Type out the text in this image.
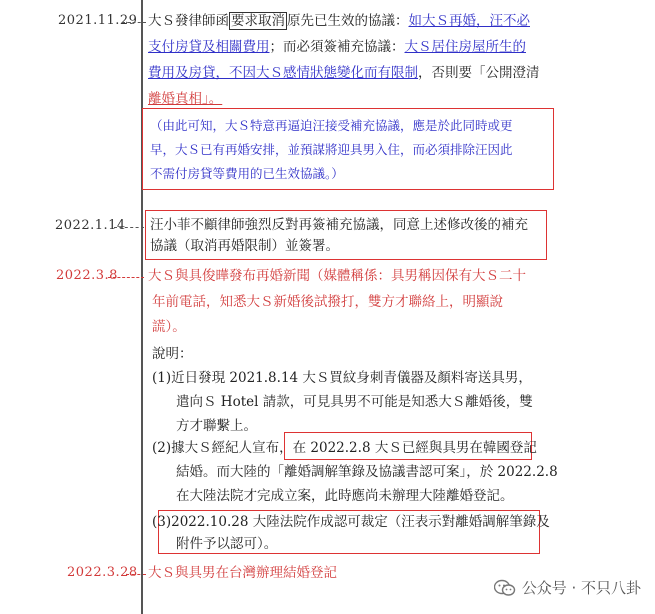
2021.11.29 大Ｓ發律師函 要求取消 原先已生效的協議：如大Ｓ再婚，汪不必
支付房貸及相關費用；而必須簽補充協議：大Ｓ居住房屋所生的
費用及房貸，不因大Ｓ感情狀態變化而有限制，否則要「公開澄清
離婚真相」。
（由此可知，大Ｓ特意再逼迫汪接受補充協議，應是於此同時或更
早，大Ｓ已有再婚安排，並預謀將迎具男入住，而必須排除汪因此
不需付房貸等費用的已生效協議。）
2022.1.14 汪小菲不顧律師強烈反對再簽補充協議，同意上述修改後的補充
協議（取消再婚限制）並簽署。
2022.3.8 大Ｓ與具俊曄發布再婚新聞（媒體稱係：具男稱因保有大Ｓ二十
年前電話，知悉大Ｓ新婚後試撥打，雙方才聯絡上，明顯說
謊）。
說明：
(1)近日發現 2021.8.14 大Ｓ買紋身刺青儀器及顏料寄送具男，
遣向Ｓ Hotel 請款，可見具男不可能是知悉大Ｓ離婚後，雙
方才聯繫上。
(2)據大Ｓ經紀人宣布，在 2022.2.8 大Ｓ已經與具男在韓國登記
結婚。而大陸的「離婚調解筆錄及協議書認可案」，於 2022.2.8
在大陸法院才完成立案，此時應尚未辦理大陸離婚登記。
(3)2022.10.28 大陸法院作成認可裁定（汪表示對離婚調解筆錄及
附件予以認可）。
2022.3.28 大Ｓ與具男在台灣辦理結婚登記
公众号 · 不只八卦
